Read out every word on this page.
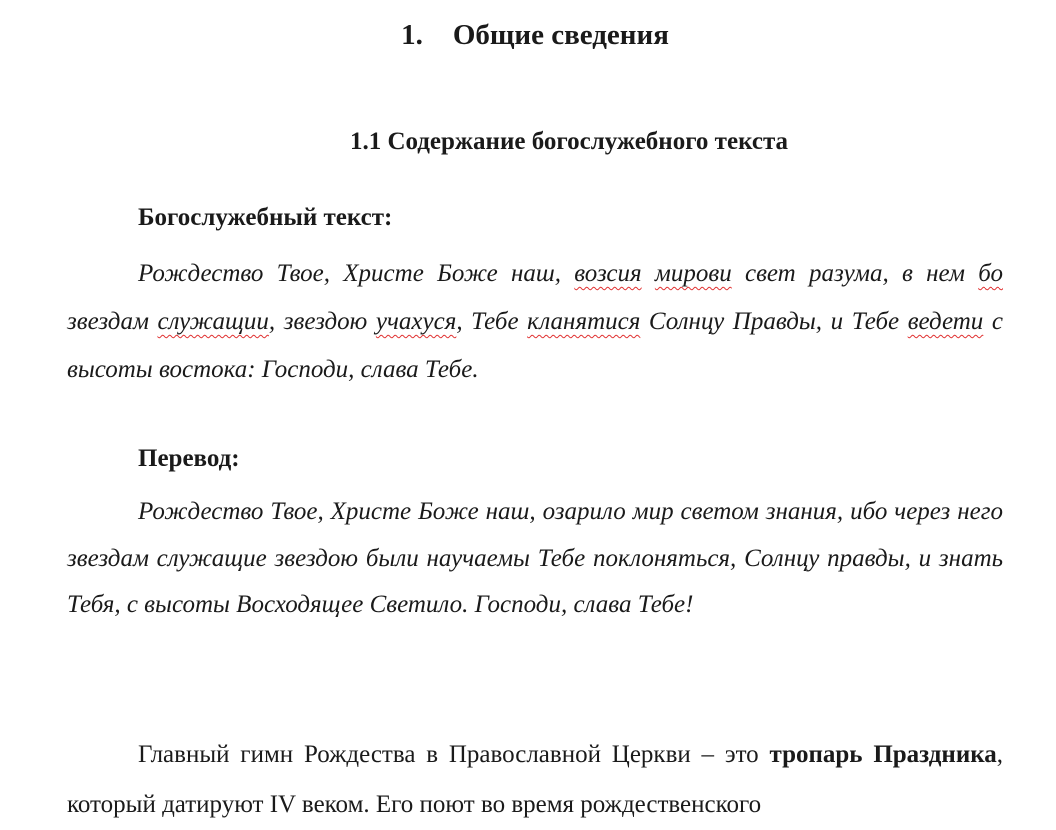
1. Общие сведения
1.1 Содержание богослужебного текста
Богослужебный текст:

Рождество Твое, Христе Боже наш, возсия мирови свет разума, в нем бо звездам служащии, звездою учахуся, Тебе кланятися Солнцу Правды, и Тебе ведети с высоты востока: Господи, слава Тебе.

Перевод:

Рождество Твое, Христе Боже наш, озарило мир светом знания, ибо через него звездам служащие звездою были научаемы Тебе поклоняться, Солнцу правды, и знать Тебя, с высоты Восходящее Светило. Господи, слава Тебе!

Главный гимн Рождества в Православной Церкви – это тропарь Праздника, который датируют IV веком. Его поют во время рождественского
